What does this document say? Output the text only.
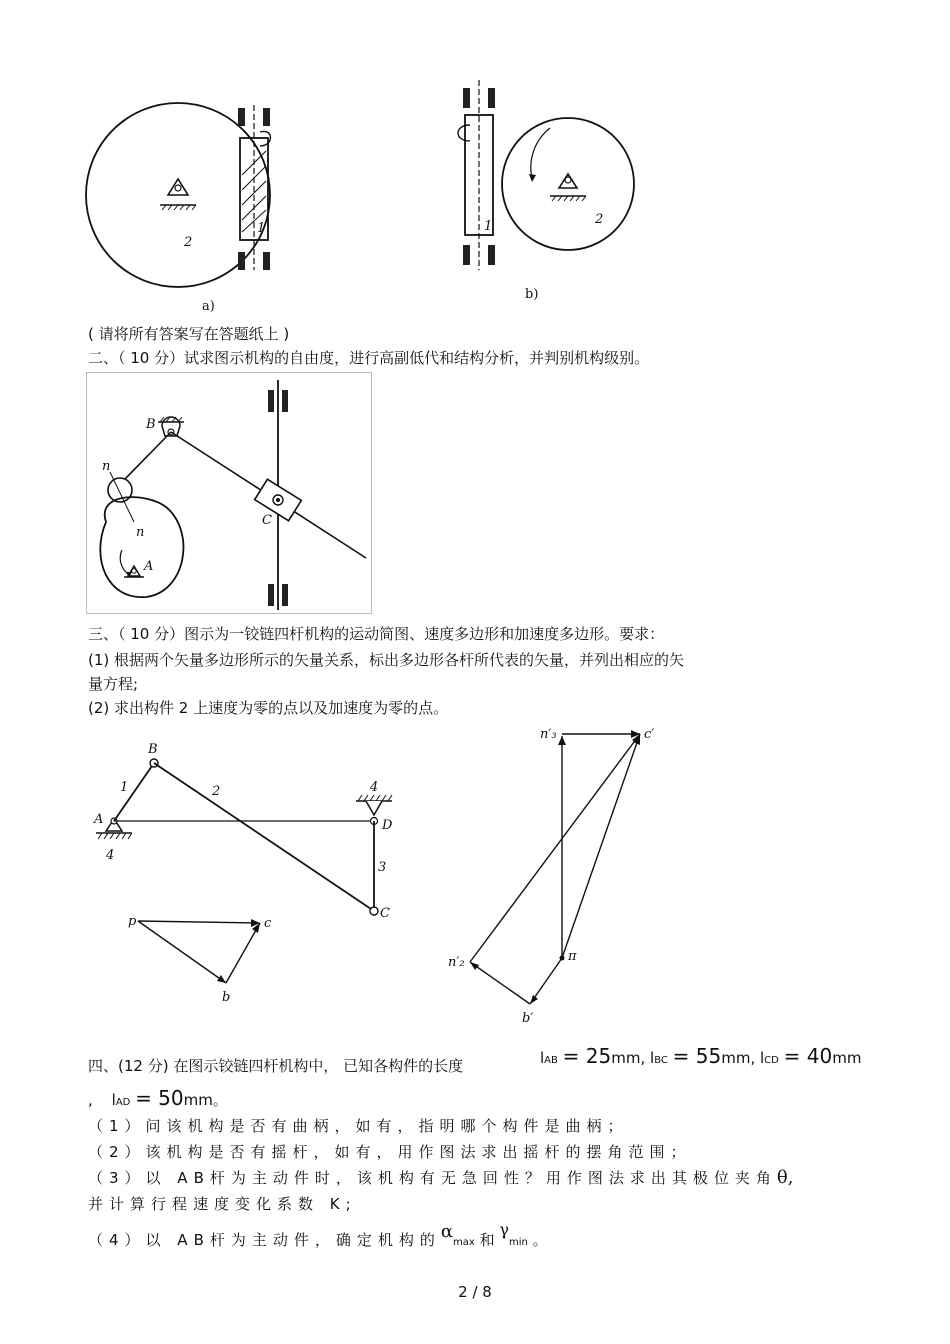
2
1
a)
1	2
b)
( 请将所有答案写在答题纸上 )
二、（ 10 分）试求图示机构的自由度，进行高副低代和结构分析，并判别机构级别。
B
C
n
n
A
三、（ 10 分）图示为一铰链四杆机构的运动简图、速度多边形和加速度多边形。要求：
(1) 根据两个矢量多边形所示的矢量关系，标出多边形各杆所代表的矢量，并列出相应的矢
量方程;
(2) 求出构件 2 上速度为零的点以及加速度为零的点。
A
4
B
1	2	4
D
3
C
p
b
c
n′₃	c′
π
n′₂
b′
四、(12 分) 在图示铰链四杆机构中， 已知各构件的长度	lAB = 25mm, lBC = 55mm, lCD = 40mm
, lAD = 50mm。
（1）问该机构是否有曲柄，如有，指明哪个构件是曲柄；
（2）该机构是否有摇杆，如有，用作图法求出摇杆的摆角范围；
（3）以 AB杆为主动件时，该机构有无急回性？用作图法求出其极位夹角θ,
并计算行程速度变化系数 K;
（4）以 AB杆为主动件，确定机构的αmax 和 γmin 。
2 / 8
